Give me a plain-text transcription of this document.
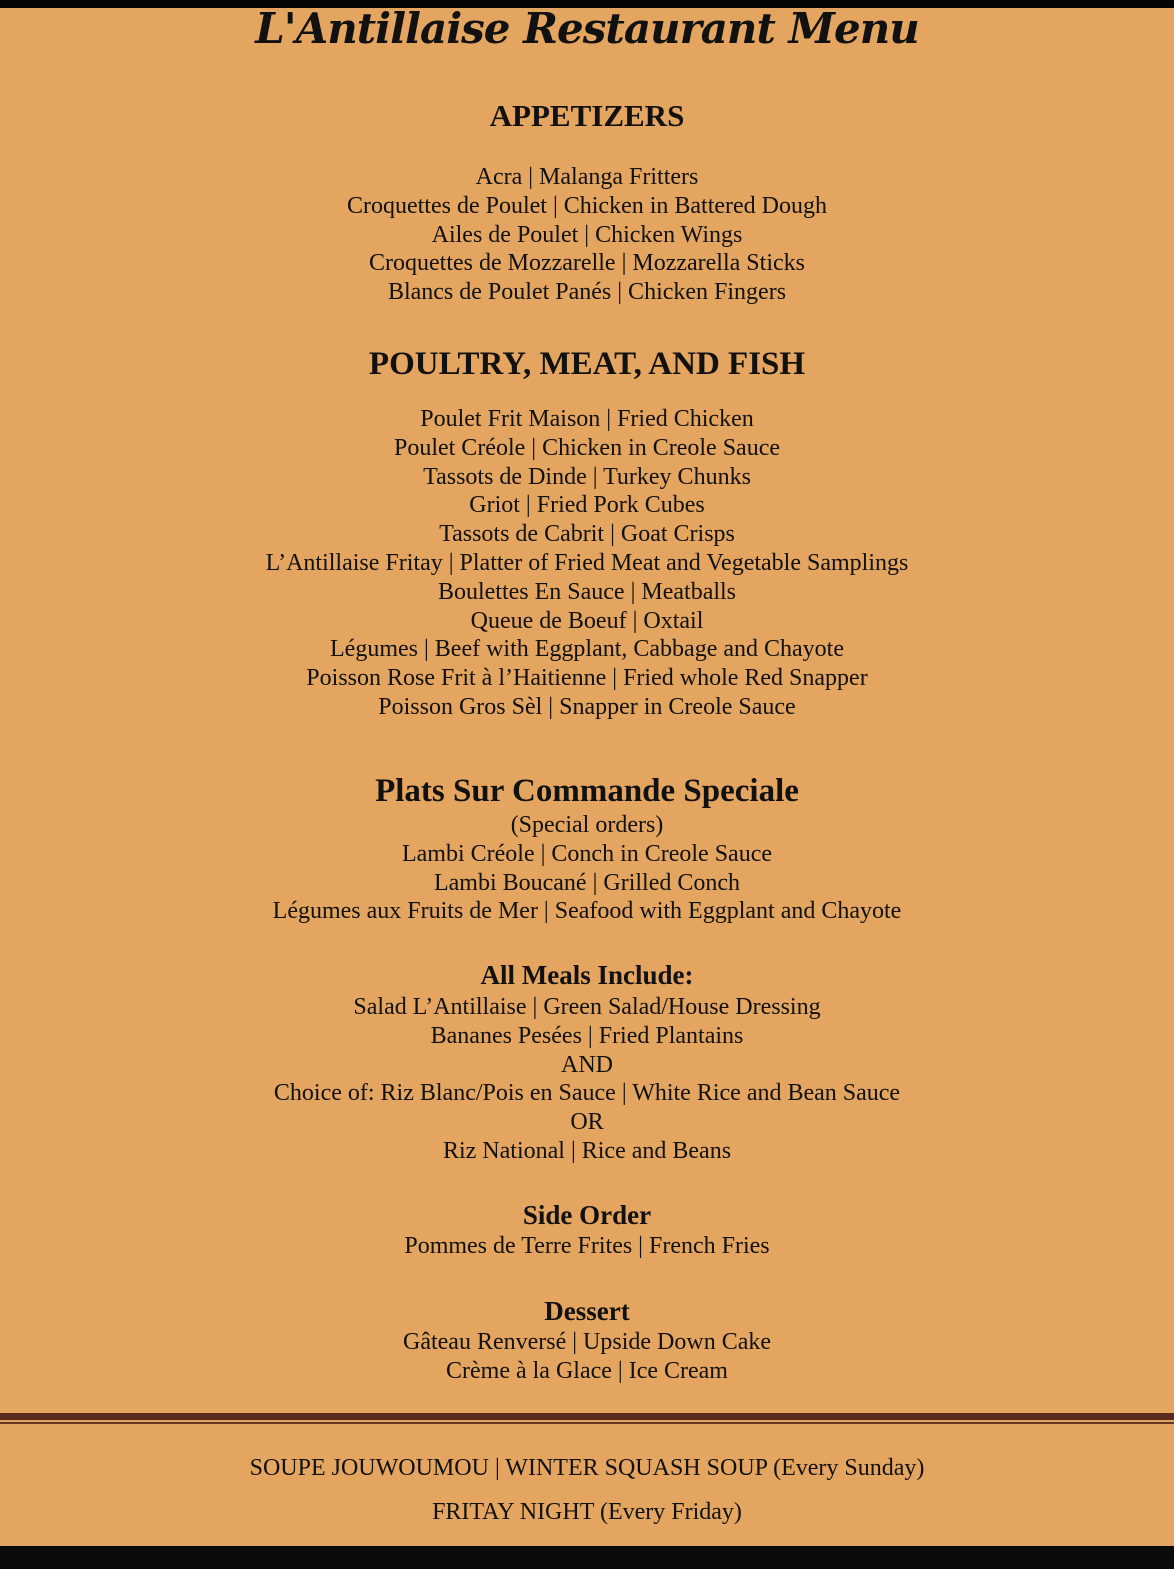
L'Antillaise Restaurant Menu
APPETIZERS
Acra | Malanga Fritters
Croquettes de Poulet | Chicken in Battered Dough
Ailes de Poulet | Chicken Wings
Croquettes de Mozzarelle | Mozzarella Sticks
Blancs de Poulet Panés | Chicken Fingers
POULTRY, MEAT, AND FISH
Poulet Frit Maison | Fried Chicken
Poulet Créole | Chicken in Creole Sauce
Tassots de Dinde | Turkey Chunks
Griot | Fried Pork Cubes
Tassots de Cabrit | Goat Crisps
L’Antillaise Fritay | Platter of Fried Meat and Vegetable Samplings
Boulettes En Sauce | Meatballs
Queue de Boeuf | Oxtail
Légumes | Beef with Eggplant, Cabbage and Chayote
Poisson Rose Frit à l’Haitienne | Fried whole Red Snapper
Poisson Gros Sèl | Snapper in Creole Sauce
Plats Sur Commande Speciale
(Special orders)
Lambi Créole | Conch in Creole Sauce
Lambi Boucané | Grilled Conch
Légumes aux Fruits de Mer | Seafood with Eggplant and Chayote
All Meals Include:
Salad L’Antillaise | Green Salad/House Dressing
Bananes Pesées | Fried Plantains
AND
Choice of: Riz Blanc/Pois en Sauce | White Rice and Bean Sauce
OR
Riz National | Rice and Beans
Side Order
Pommes de Terre Frites | French Fries
Dessert
Gâteau Renversé | Upside Down Cake
Crème à la Glace | Ice Cream
SOUPE JOUWOUMOU | WINTER SQUASH SOUP (Every Sunday)
FRITAY NIGHT (Every Friday)
